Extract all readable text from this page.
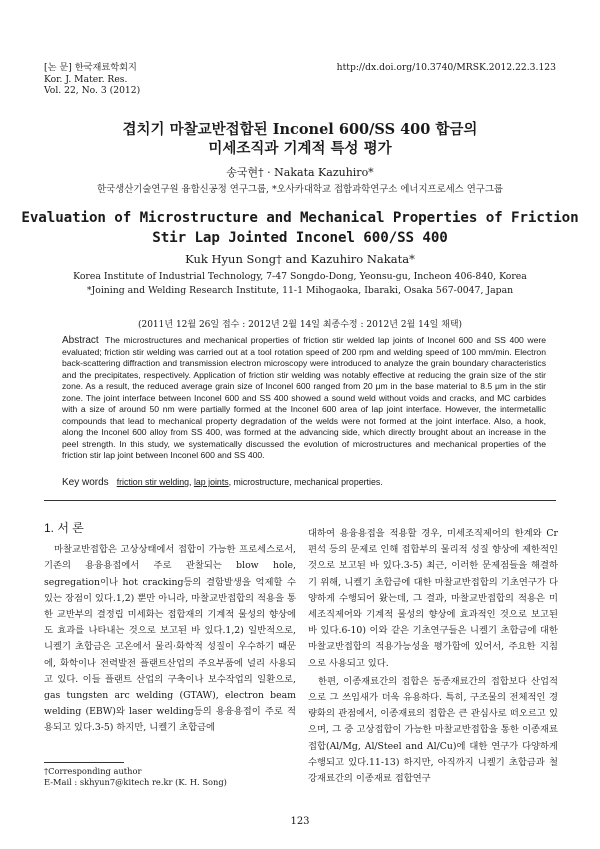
[논 문] 한국재료학회지
Kor. J. Mater. Res.
Vol. 22, No. 3 (2012)
http://dx.doi.org/10.3740/MRSK.2012.22.3.123
겹치기 마찰교반접합된 Inconel 600/SS 400 합금의
미세조직과 기계적 특성 평가
송국현† · Nakata Kazuhiro*
한국생산기술연구원 융합신공정 연구그룹, *오사카대학교 접합과학연구소 에너지프로세스 연구그룹
Evaluation of Microstructure and Mechanical Properties of Friction
Stir Lap Jointed Inconel 600/SS 400
Kuk Hyun Song† and Kazuhiro Nakata*
Korea Institute of Industrial Technology, 7-47 Songdo-Dong, Yeonsu-gu, Incheon 406-840, Korea
*Joining and Welding Research Institute, 11-1 Mihogaoka, Ibaraki, Osaka 567-0047, Japan
(2011년 12월 26일 접수 : 2012년 2월 14일 최종수정 : 2012년 2월 14일 채택)
Abstract The microstructures and mechanical properties of friction stir welded lap joints of Inconel 600 and SS 400 were evaluated; friction stir welding was carried out at a tool rotation speed of 200 rpm and welding speed of 100 mm/min. Electron back-scattering diffraction and transmission electron microscopy were introduced to analyze the grain boundary characteristics and the precipitates, respectively. Application of friction stir welding was notably effective at reducing the grain size of the stir zone. As a result, the reduced average grain size of Inconel 600 ranged from 20 μm in the base material to 8.5 μm in the stir zone. The joint interface between Inconel 600 and SS 400 showed a sound weld without voids and cracks, and MC carbides with a size of around 50 nm were partially formed at the Inconel 600 area of lap joint interface. However, the intermetallic compounds that lead to mechanical property degradation of the welds were not formed at the joint interface. Also, a hook, along the Inconel 600 alloy from SS 400, was formed at the advancing side, which directly brought about an increase in the peel strength. In this study, we systematically discussed the evolution of microstructures and mechanical properties of the friction stir lap joint between Inconel 600 and SS 400.
Key words friction stir welding, lap joints, microstructure, mechanical properties.
1. 서 론

마찰교반접합은 고상상태에서 접합이 가능한 프로세스로서, 기존의 용융용접에서 주로 관찰되는 blow hole, segregation이나 hot cracking등의 결함발생을 억제할 수 있는 장점이 있다.1,2) 뿐만 아니라, 마찰교반접합의 적용을 통한 교반부의 결정립 미세화는 접합재의 기계적 물성의 향상에도 효과를 나타내는 것으로 보고된 바 있다.1,2) 일반적으로, 니켈기 초합금은 고온에서 물리·화학적 성질이 우수하기 때문에, 화학이나 전력발전 플랜트산업의 주요부품에 널리 사용되고 있다. 이들 플랜트 산업의 구축이나 보수작업의 일환으로, gas tungsten arc welding (GTAW), electron beam welding (EBW)와 laser welding등의 용융용접이 주로 적용되고 있다.3-5) 하지만, 니켈기 초합금에

대하여 용융용접을 적용할 경우, 미세조직제어의 한계와 Cr 편석 등의 문제로 인해 접합부의 물리적 성질 향상에 제한적인 것으로 보고된 바 있다.3-5) 최근, 이러한 문제점들을 해결하기 위해, 니켈기 초합금에 대한 마찰교반접합의 기초연구가 다양하게 수행되어 왔는데, 그 결과, 마찰교반접합의 적용은 미세조직제어와 기계적 물성의 향상에 효과적인 것으로 보고된 바 있다.6-10) 이와 같은 기초연구들은 니켈기 초합금에 대한 마찰교반접합의 적용가능성을 평가함에 있어서, 주요한 지침으로 사용되고 있다.

한편, 이종재료간의 접합은 동종재료간의 접합보다 산업적으로 그 쓰임새가 더욱 유용하다. 특히, 구조물의 전체적인 경량화의 관점에서, 이종재료의 접합은 큰 관심사로 떠오르고 있으며, 그 중 고상접합이 가능한 마찰교반접합을 통한 이종재료접합(Al/Mg, Al/Steel and Al/Cu)에 대한 연구가 다양하게 수행되고 있다.11-13) 하지만, 아직까지 니켈기 초합금과 철강재료간의 이종재료 접합연구

†Corresponding author
E-Mail : skhyun7@kitech re.kr (K. H. Song)
123
